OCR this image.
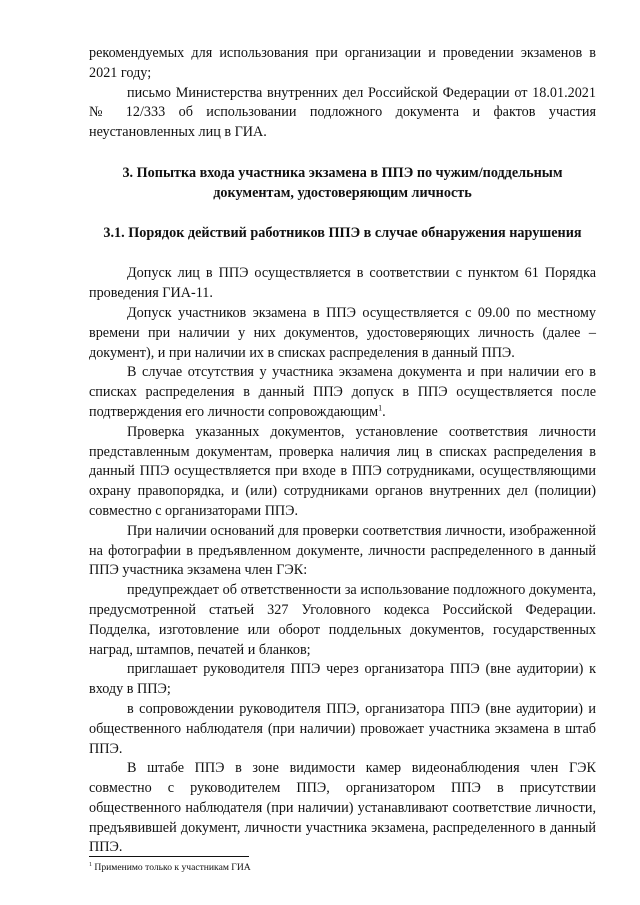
рекомендуемых для использования при организации и проведении экзаменов в 2021 году;

письмо Министерства внутренних дел Российской Федерации от 18.01.2021 № 12/333 об использовании подложного документа и фактов участия неустановленных лиц в ГИА.

3. Попытка входа участника экзамена в ППЭ по чужим/поддельным документам, удостоверяющим личность
3.1. Порядок действий работников ППЭ в случае обнаружения нарушения

Допуск лиц в ППЭ осуществляется в соответствии с пунктом 61 Порядка проведения ГИА-11.

Допуск участников экзамена в ППЭ осуществляется с 09.00 по местному времени при наличии у них документов, удостоверяющих личность (далее – документ), и при наличии их в списках распределения в данный ППЭ.

В случае отсутствия у участника экзамена документа и при наличии его в списках распределения в данный ППЭ допуск в ППЭ осуществляется после подтверждения его личности сопровождающим$^1$.

Проверка указанных документов, установление соответствия личности представленным документам, проверка наличия лиц в списках распределения в данный ППЭ осуществляется при входе в ППЭ сотрудниками, осуществляющими охрану правопорядка, и (или) сотрудниками органов внутренних дел (полиции) совместно с организаторами ППЭ.

При наличии оснований для проверки соответствия личности, изображенной на фотографии в предъявленном документе, личности распределенного в данный ППЭ участника экзамена член ГЭК:

предупреждает об ответственности за использование подложного документа, предусмотренной статьей 327 Уголовного кодекса Российской Федерации. Подделка, изготовление или оборот поддельных документов, государственных наград, штампов, печатей и бланков;

приглашает руководителя ППЭ через организатора ППЭ (вне аудитории) к входу в ППЭ;

в сопровождении руководителя ППЭ, организатора ППЭ (вне аудитории) и общественного наблюдателя (при наличии) провожает участника экзамена в штаб ППЭ.

В штабе ППЭ в зоне видимости камер видеонаблюдения член ГЭК совместно с руководителем ППЭ, организатором ППЭ в присутствии общественного наблюдателя (при наличии) устанавливают соответствие личности, предъявившей документ, личности участника экзамена, распределенного в данный ППЭ.

$^1$ Применимо только к участникам ГИА
